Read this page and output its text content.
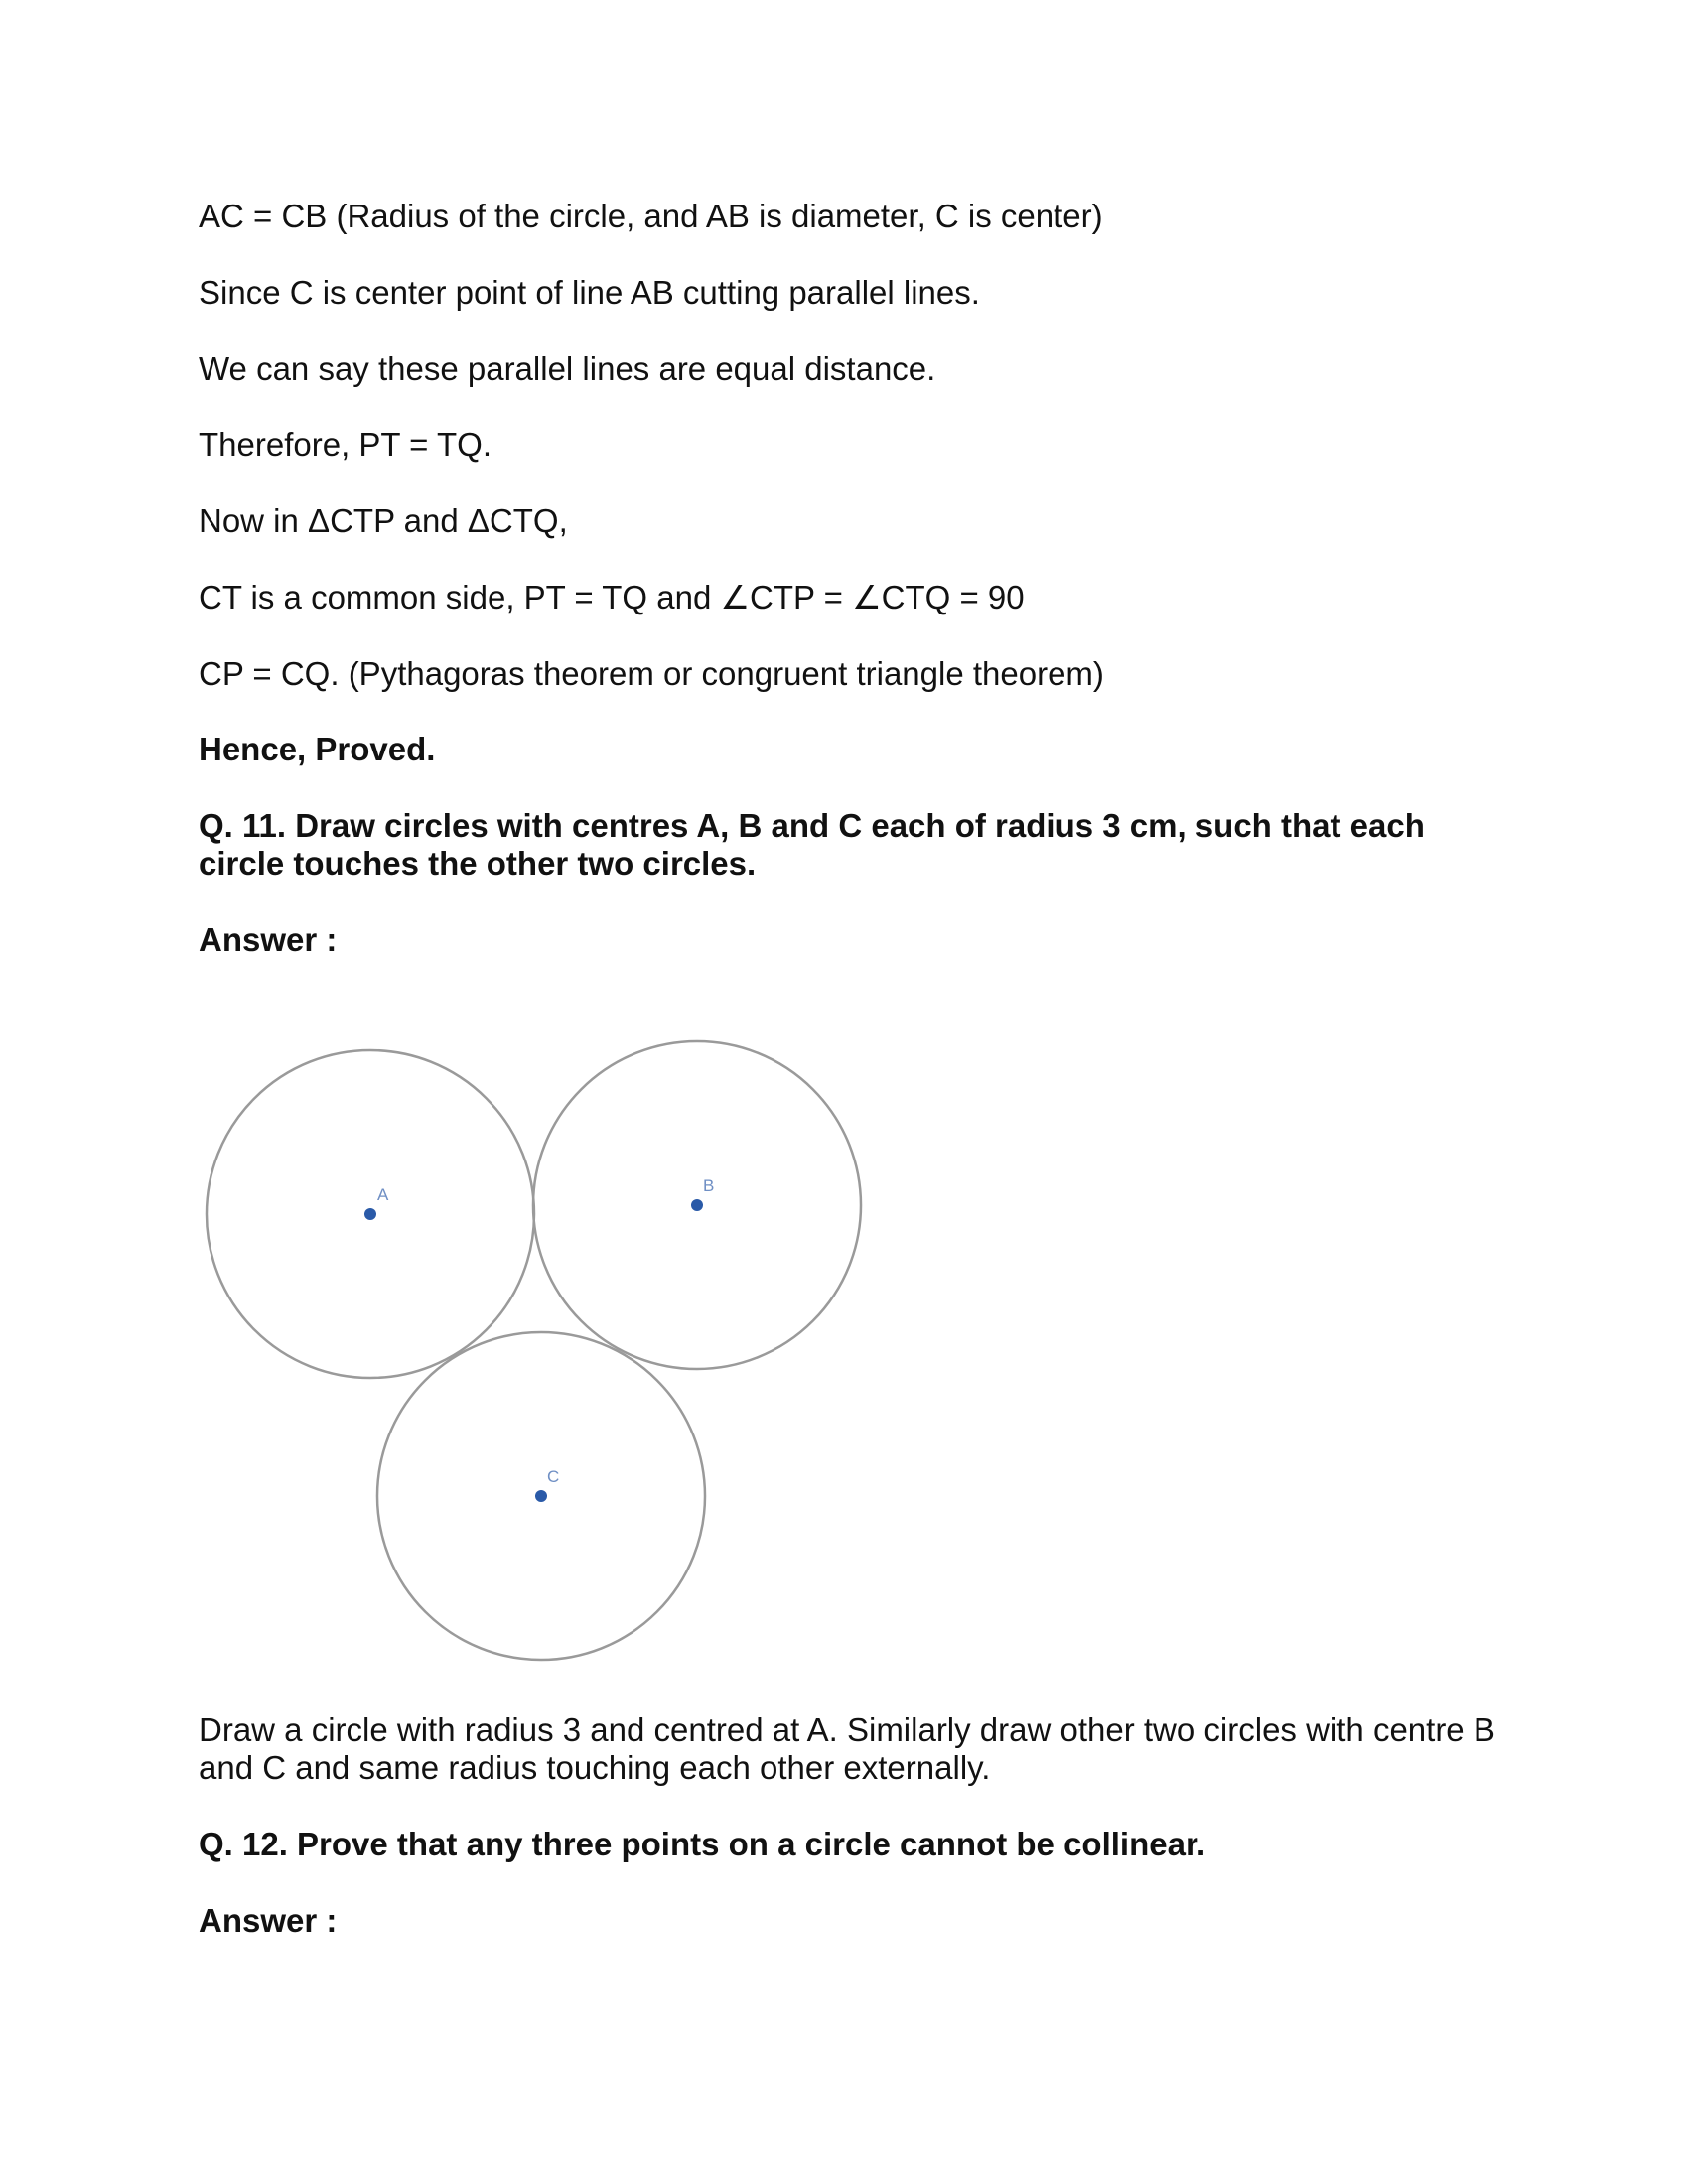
AC = CB (Radius of the circle, and AB is diameter, C is center)
Since C is center point of line AB cutting parallel lines.
We can say these parallel lines are equal distance.
Therefore, PT = TQ.
Now in ΔCTP and ΔCTQ,
CT is a common side, PT = TQ and ∠CTP = ∠CTQ = 90
CP = CQ. (Pythagoras theorem or congruent triangle theorem)
Hence, Proved.
Q. 11. Draw circles with centres A, B and C each of radius 3 cm, such that each circle touches the other two circles.
Answer :
A	B
C
Draw a circle with radius 3 and centred at A. Similarly draw other two circles with centre B and C and same radius touching each other externally.
Q. 12. Prove that any three points on a circle cannot be collinear.
Answer :
